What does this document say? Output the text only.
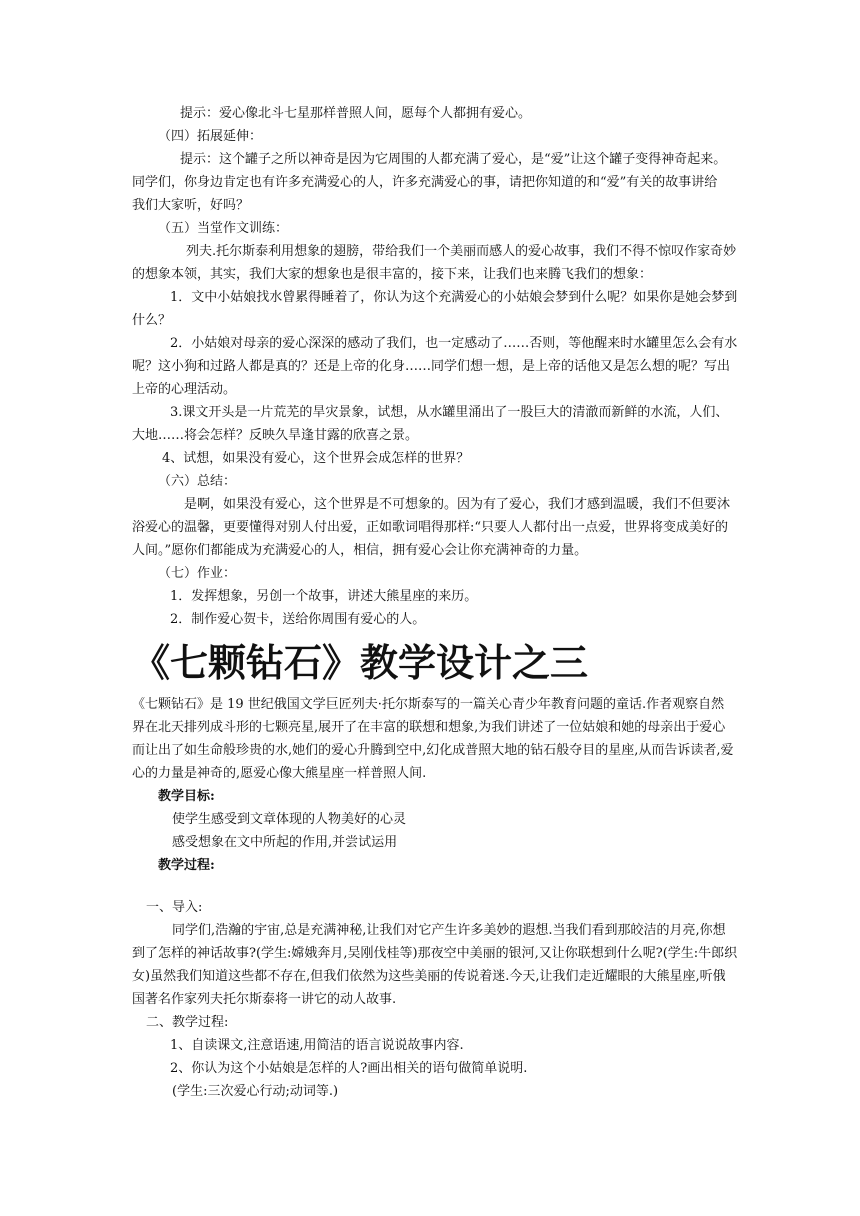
提示：爱心像北斗七星那样普照人间，愿每个人都拥有爱心。
（四）拓展延伸：
提示：这个罐子之所以神奇是因为它周围的人都充满了爱心，是“爱”让这个罐子变得神奇起来。
同学们，你身边肯定也有许多充满爱心的人，许多充满爱心的事，请把你知道的和“爱”有关的故事讲给
我们大家听，好吗？
（五）当堂作文训练：
列夫.托尔斯泰利用想象的翅膀，带给我们一个美丽而感人的爱心故事，我们不得不惊叹作家奇妙
的想象本领，其实，我们大家的想象也是很丰富的，接下来，让我们也来腾飞我们的想象：
1．文中小姑娘找水曾累得睡着了，你认为这个充满爱心的小姑娘会梦到什么呢？如果你是她会梦到
什么？
2．小姑娘对母亲的爱心深深的感动了我们，也一定感动了……否则，等他醒来时水罐里怎么会有水
呢？这小狗和过路人都是真的？还是上帝的化身……同学们想一想，是上帝的话他又是怎么想的呢？写出
上帝的心理活动。
3.课文开头是一片荒芜的旱灾景象，试想，从水罐里涌出了一股巨大的清澈而新鲜的水流，人们、
大地……将会怎样？反映久旱逢甘露的欣喜之景。
4、试想，如果没有爱心，这个世界会成怎样的世界？
（六）总结：
是啊，如果没有爱心，这个世界是不可想象的。因为有了爱心，我们才感到温暖，我们不但要沐
浴爱心的温馨，更要懂得对别人付出爱，正如歌词唱得那样:“只要人人都付出一点爱，世界将变成美好的
人间。”愿你们都能成为充满爱心的人，相信，拥有爱心会让你充满神奇的力量。
（七）作业：
1．发挥想象，另创一个故事，讲述大熊星座的来历。
2．制作爱心贺卡，送给你周围有爱心的人。
《七颗钻石》教学设计之三
《七颗钻石》是 19 世纪俄国文学巨匠列夫·托尔斯泰写的一篇关心青少年教育问题的童话.作者观察自然
界在北天排列成斗形的七颗亮星,展开了在丰富的联想和想象,为我们讲述了一位姑娘和她的母亲出于爱心
而让出了如生命般珍贵的水,她们的爱心升腾到空中,幻化成普照大地的钻石般夺目的星座,从而告诉读者,爱
心的力量是神奇的,愿爱心像大熊星座一样普照人间.
教学目标:
使学生感受到文章体现的人物美好的心灵
感受想象在文中所起的作用,并尝试运用
教学过程:
一、导入:
同学们,浩瀚的宇宙,总是充满神秘,让我们对它产生许多美妙的遐想.当我们看到那皎洁的月亮,你想
到了怎样的神话故事?(学生:嫦娥奔月,吴刚伐桂等)那夜空中美丽的银河,又让你联想到什么呢?(学生:牛郎织
女)虽然我们知道这些都不存在,但我们依然为这些美丽的传说着迷.今天,让我们走近耀眼的大熊星座,听俄
国著名作家列夫托尔斯泰将一讲它的动人故事.
二、教学过程:
1、自读课文,注意语速,用简洁的语言说说故事内容.
2、你认为这个小姑娘是怎样的人?画出相关的语句做简单说明.
(学生:三次爱心行动;动词等.)
